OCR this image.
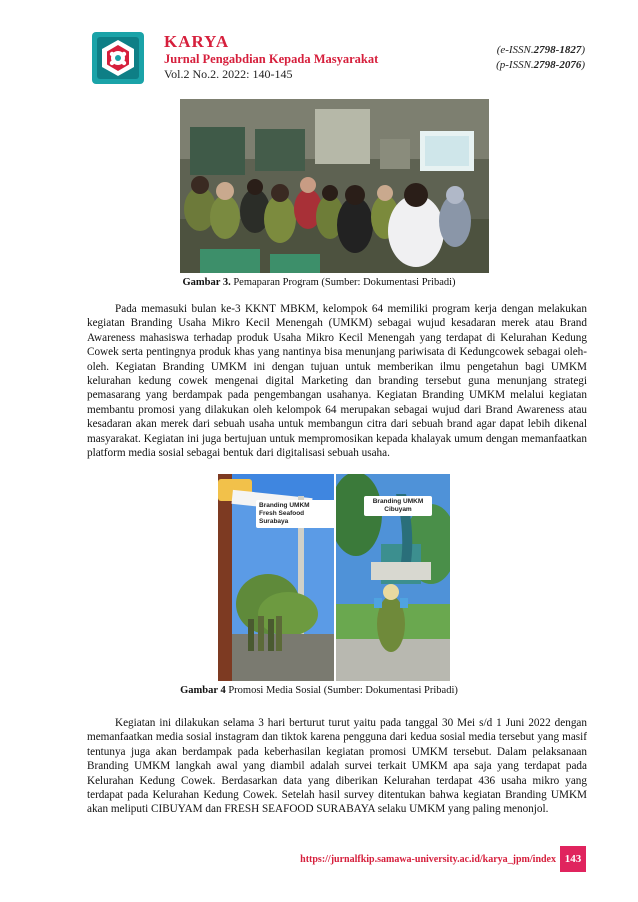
KARYA
Jurnal Pengabdian Kepada Masyarakat
Vol.2 No.2. 2022: 140-145
(e-ISSN.2798-1827)
(p-ISSN.2798-2076)
Gambar 3. Pemaparan Program (Sumber: Dokumentasi Pribadi)
Pada memasuki bulan ke-3 KKNT MBKM, kelompok 64 memiliki program kerja dengan melakukan kegiatan Branding Usaha Mikro Kecil Menengah (UMKM) sebagai wujud kesadaran merek atau Brand Awareness mahasiswa terhadap produk Usaha Mikro Kecil Menengah yang terdapat di Kelurahan Kedung Cowek serta pentingnya produk khas yang nantinya bisa menunjang pariwisata di Kedungcowek sebagai oleh-oleh. Kegiatan Branding UMKM ini dengan tujuan untuk memberikan ilmu pengetahun bagi UMKM kelurahan kedung cowek mengenai digital Marketing dan branding tersebut guna menunjang strategi pemasarang yang berdampak pada pengembangan usahanya. Kegiatan Branding UMKM melalui kegiatan membantu promosi yang dilakukan oleh kelompok 64 merupakan sebagai wujud dari Brand Awareness atau kesadaran akan merek dari sebuah usaha untuk membangun citra dari sebuah brand agar dapat lebih dikenal masyarakat. Kegiatan ini juga bertujuan untuk mempromosikan kepada khalayak umum dengan memanfaatkan platform media sosial sebagai bentuk dari digitalisasi sebuah usaha.
Branding UMKM
Fresh Seafood
Surabaya
Branding UMKM
Cibuyam
Gambar 4 Promosi Media Sosial (Sumber: Dokumentasi Pribadi)
Kegiatan ini dilakukan selama 3 hari berturut turut yaitu pada tanggal 30 Mei s/d 1 Juni 2022 dengan memanfaatkan media sosial instagram dan tiktok karena pengguna dari kedua sosial media tersebut yang masif tentunya juga akan berdampak pada keberhasilan kegiatan promosi UMKM tersebut. Dalam pelaksanaan Branding UMKM langkah awal yang diambil adalah survei terkait UMKM apa saja yang terdapat pada Kelurahan Kedung Cowek. Berdasarkan data yang diberikan Kelurahan terdapat 436 usaha mikro yang terdapat pada Kelurahan Kedung Cowek. Setelah hasil survey ditentukan bahwa kegiatan Branding UMKM akan meliputi CIBUYAM dan FRESH SEAFOOD SURABAYA selaku UMKM yang paling menonjol.
https://jurnalfkip.samawa-university.ac.id/karya_jpm/index 143
